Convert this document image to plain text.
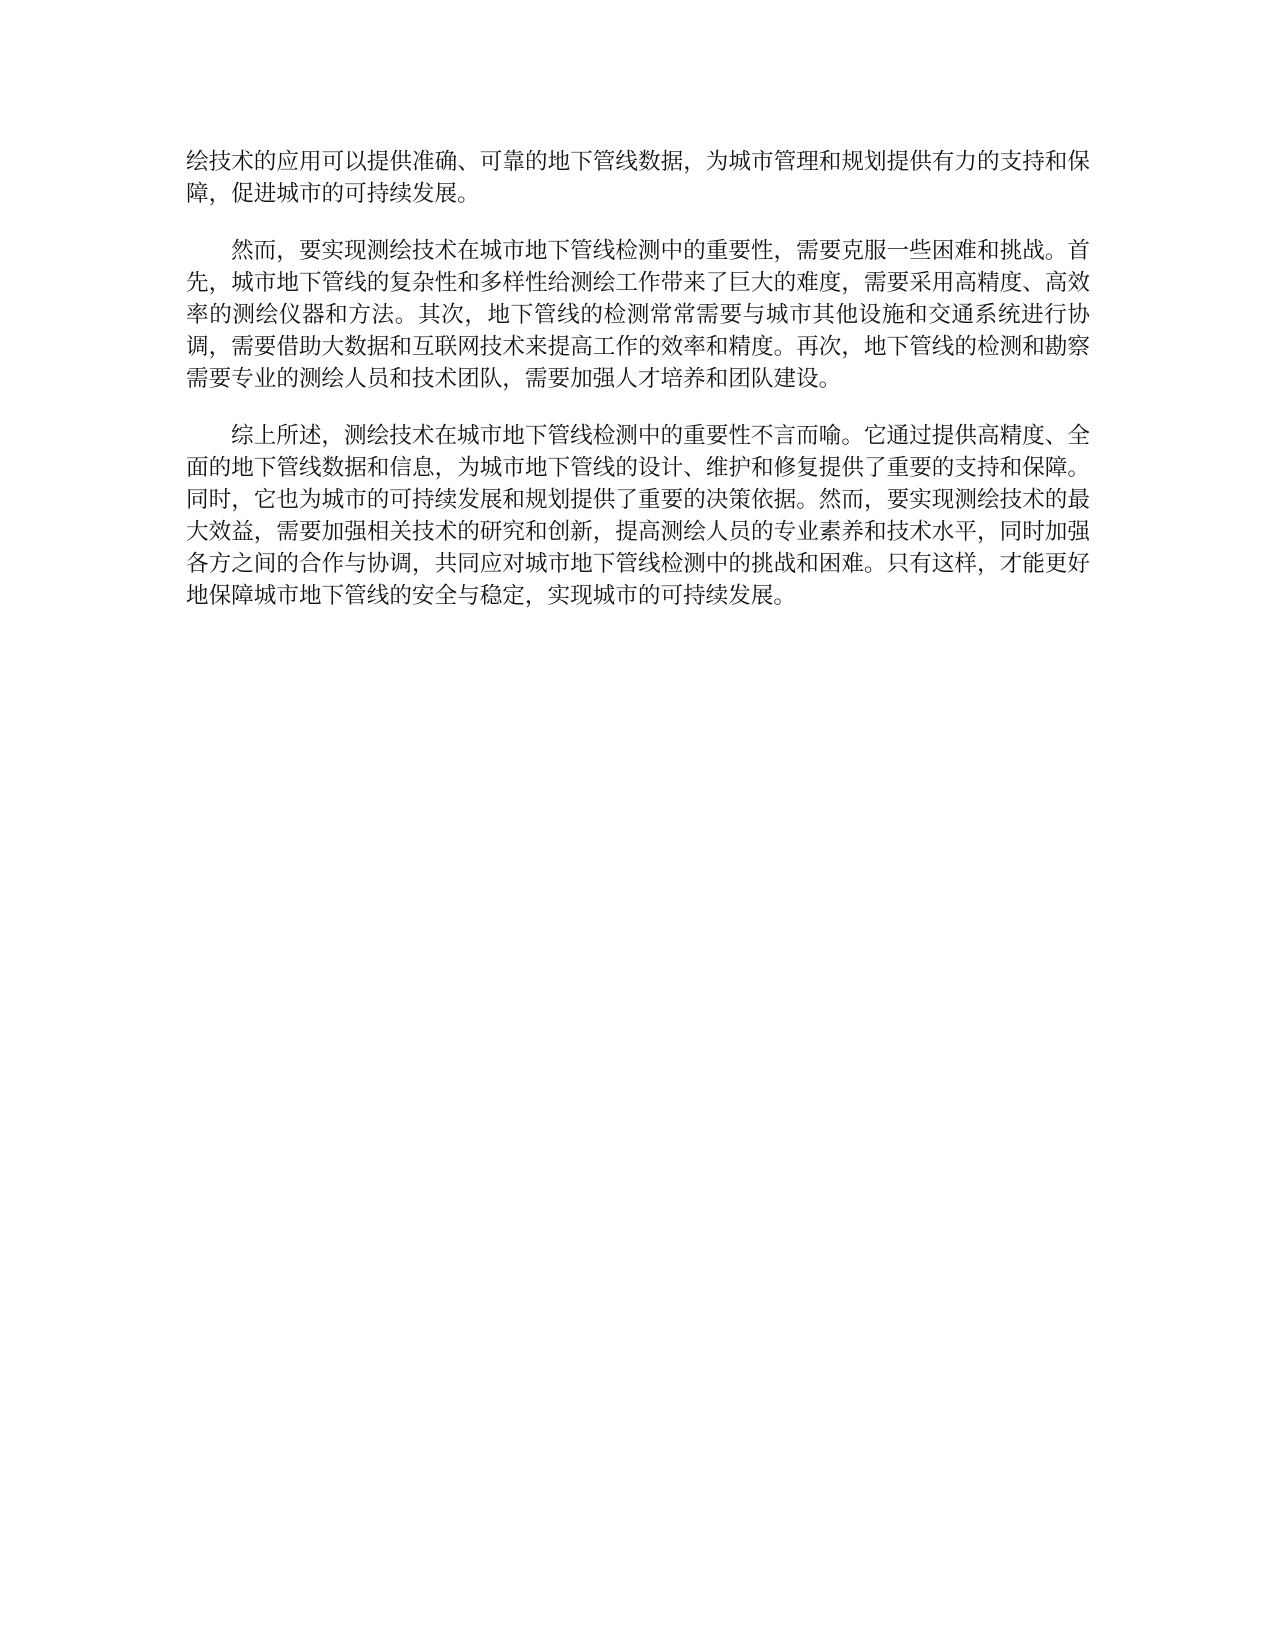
绘技术的应用可以提供准确、可靠的地下管线数据，为城市管理和规划提供有力的支持和保障，促进城市的可持续发展。

然而，要实现测绘技术在城市地下管线检测中的重要性，需要克服一些困难和挑战。首先，城市地下管线的复杂性和多样性给测绘工作带来了巨大的难度，需要采用高精度、高效率的测绘仪器和方法。其次，地下管线的检测常常需要与城市其他设施和交通系统进行协调，需要借助大数据和互联网技术来提高工作的效率和精度。再次，地下管线的检测和勘察需要专业的测绘人员和技术团队，需要加强人才培养和团队建设。

综上所述，测绘技术在城市地下管线检测中的重要性不言而喻。它通过提供高精度、全面的地下管线数据和信息，为城市地下管线的设计、维护和修复提供了重要的支持和保障。同时，它也为城市的可持续发展和规划提供了重要的决策依据。然而，要实现测绘技术的最大效益，需要加强相关技术的研究和创新，提高测绘人员的专业素养和技术水平，同时加强各方之间的合作与协调，共同应对城市地下管线检测中的挑战和困难。只有这样，才能更好地保障城市地下管线的安全与稳定，实现城市的可持续发展。
